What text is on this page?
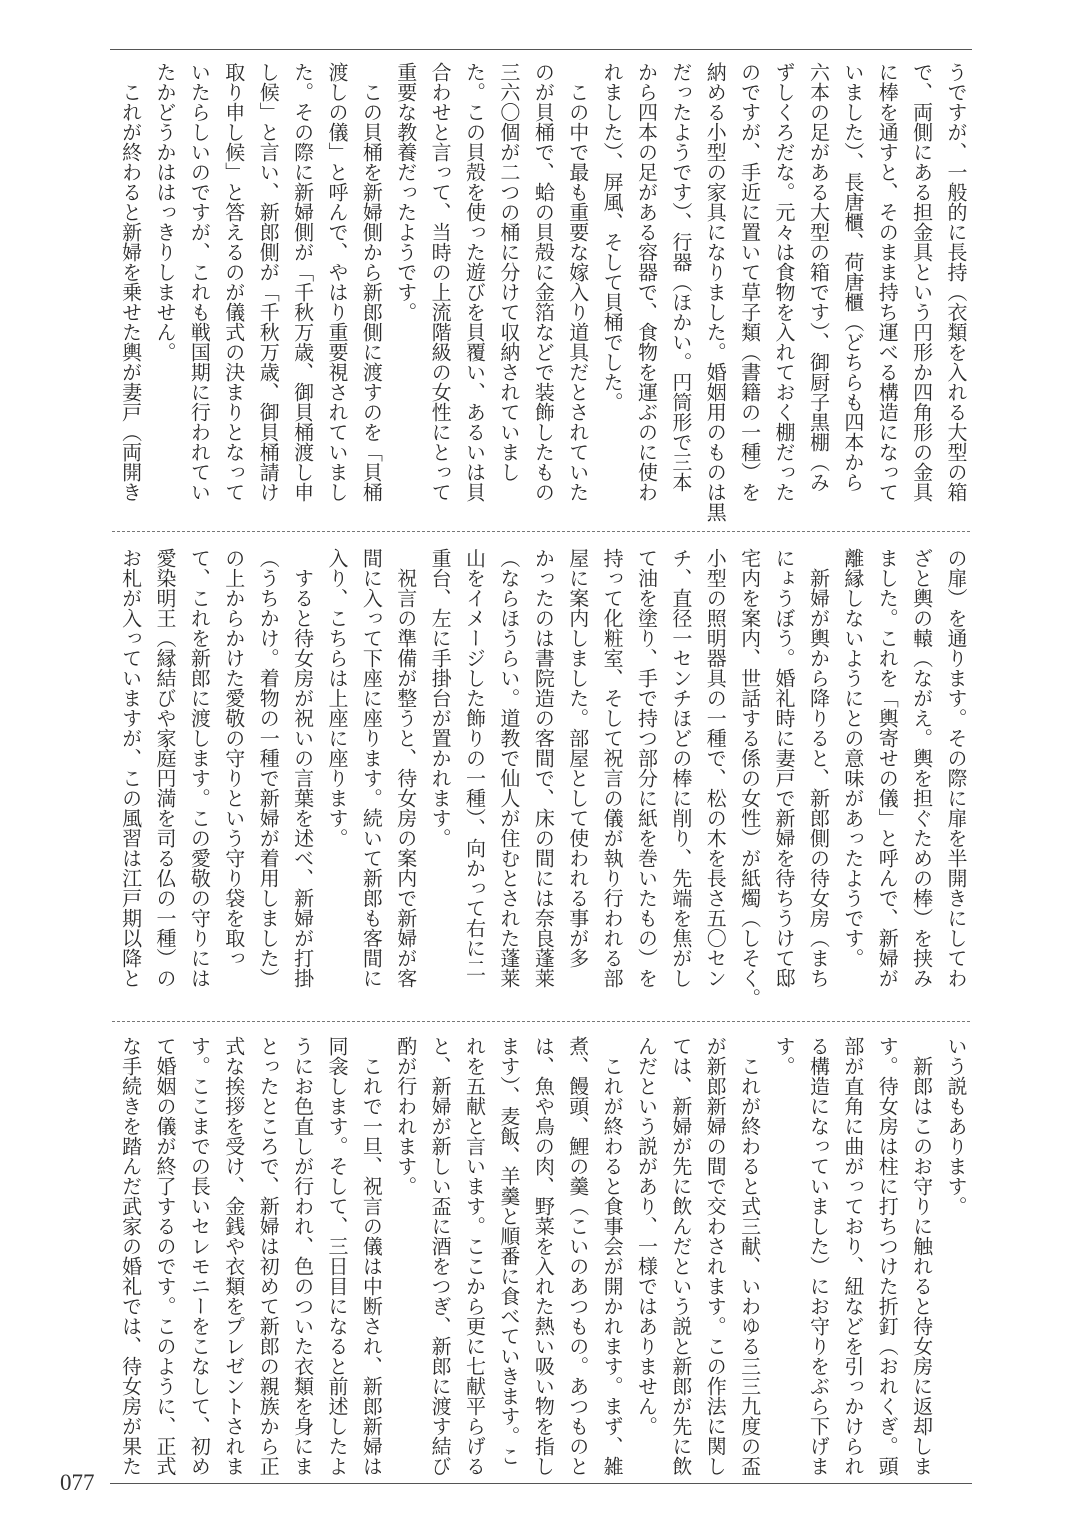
うですが、一般的に長持（衣類を入れる大型の箱
で、両側にある担金具という円形か四角形の金具
に棒を通すと、そのまま持ち運べる構造になって
いました）、長唐櫃、荷唐櫃（どちらも四本から
六本の足がある大型の箱です）、御厨子黒棚（み
ずしくろだな。元々は食物を入れておく棚だった
のですが、手近に置いて草子類（書籍の一種）を
納める小型の家具になりました。婚姻用のものは黒
だったようです）、行器（ほかい。円筒形で三本
から四本の足がある容器で、食物を運ぶのに使わ
れました）、屏風、そして貝桶でした。
　この中で最も重要な嫁入り道具だとされていた
のが貝桶で、蛤の貝殻に金箔などで装飾したもの
三六〇個が二つの桶に分けて収納されていまし
た。この貝殻を使った遊びを貝覆い、あるいは貝
合わせと言って、当時の上流階級の女性にとって
重要な教養だったようです。
　この貝桶を新婦側から新郎側に渡すのを「貝桶
渡しの儀」と呼んで、やはり重要視されていまし
た。その際に新婦側が「千秋万歳、御貝桶渡し申
し候」と言い、新郎側が「千秋万歳、御貝桶請け
取り申し候」と答えるのが儀式の決まりとなって
いたらしいのですが、これも戦国期に行われてい
たかどうかははっきりしません。
　これが終わると新婦を乗せた輿が妻戸（両開き
の扉）を通ります。その際に扉を半開きにしてわ
ざと輿の轅（ながえ。輿を担ぐための棒）を挟み
ました。これを「輿寄せの儀」と呼んで、新婦が
離縁しないようにとの意味があったようです。
　新婦が輿から降りると、新郎側の待女房（まち
にょうぼう。婚礼時に妻戸で新婦を待ちうけて邸
宅内を案内、世話する係の女性）が紙燭（しそく。
小型の照明器具の一種で、松の木を長さ五〇セン
チ、直径一センチほどの棒に削り、先端を焦がし
て油を塗り、手で持つ部分に紙を巻いたもの）を
持って化粧室、そして祝言の儀が執り行われる部
屋に案内しました。部屋として使われる事が多
かったのは書院造の客間で、床の間には奈良蓬莱
（ならほうらい。道教で仙人が住むとされた蓬莱
山をイメージした飾りの一種）、向かって右に二
重台、左に手掛台が置かれます。
　祝言の準備が整うと、待女房の案内で新婦が客
間に入って下座に座ります。続いて新郎も客間に
入り、こちらは上座に座ります。
　すると待女房が祝いの言葉を述べ、新婦が打掛
（うちかけ。着物の一種で新婦が着用しました）
の上からかけた愛敬の守りという守り袋を取っ
て、これを新郎に渡します。この愛敬の守りには
愛染明王（縁結びや家庭円満を司る仏の一種）の
お札が入っていますが、この風習は江戸期以降と
いう説もあります。
　新郎はこのお守りに触れると待女房に返却しま
す。待女房は柱に打ちつけた折釘（おれくぎ。頭
部が直角に曲がっており、紐などを引っかけられ
る構造になっていました）にお守りをぶら下げま
す。
　これが終わると式三献、いわゆる三三九度の盃
が新郎新婦の間で交わされます。この作法に関し
ては、新婦が先に飲んだという説と新郎が先に飲
んだという説があり、一様ではありません。
　これが終わると食事会が開かれます。まず、雑
煮、饅頭、鯉の羹（こいのあつもの。あつものと
は、魚や鳥の肉、野菜を入れた熱い吸い物を指し
ます）、麦飯、羊羹と順番に食べていきます。こ
れを五献と言います。ここから更に七献平らげる
と、新婦が新しい盃に酒をつぎ、新郎に渡す結び
酌が行われます。
　これで一旦、祝言の儀は中断され、新郎新婦は
同衾します。そして、三日目になると前述したよ
うにお色直しが行われ、色のついた衣類を身にま
とったところで、新婦は初めて新郎の親族から正
式な挨拶を受け、金銭や衣類をプレゼントされま
す。ここまでの長いセレモニーをこなして、初め
て婚姻の儀が終了するのです。このように、正式
な手続きを踏んだ武家の婚礼では、待女房が果た
077
